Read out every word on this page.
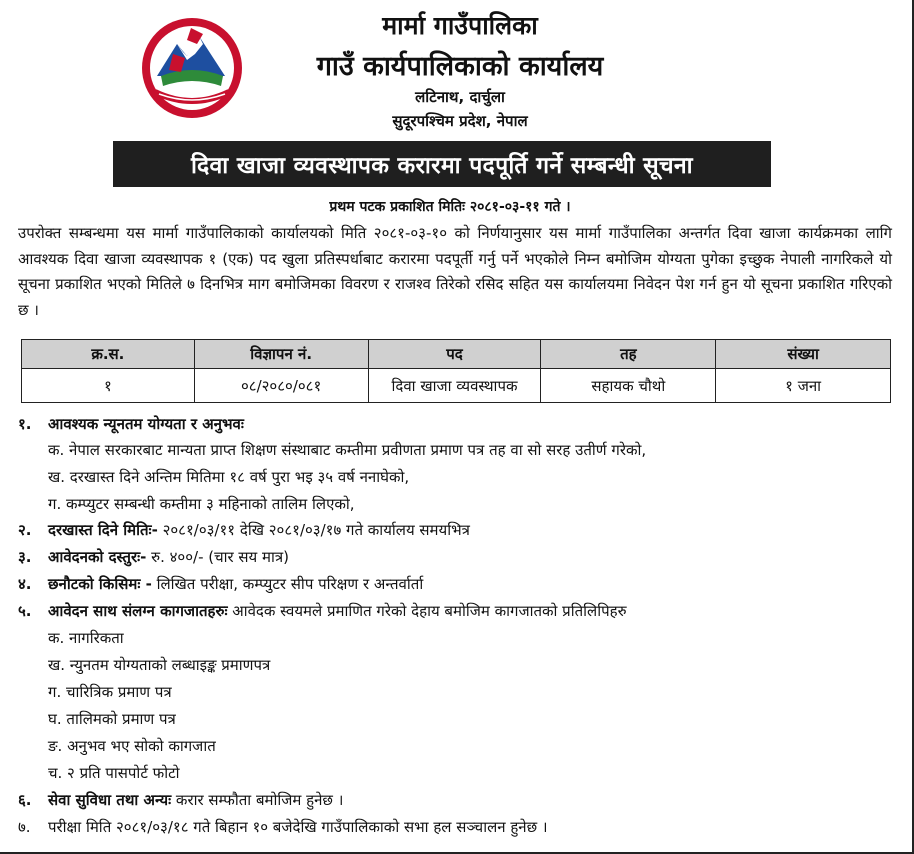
मार्मा गाउँपालिका
गाउँ कार्यपालिकाको कार्यालय
लटिनाथ, दार्चुला
सुदूरपश्चिम प्रदेश, नेपाल
दिवा खाजा व्यवस्थापक करारमा पदपूर्ति गर्ने सम्बन्धी सूचना
प्रथम पटक प्रकाशित मितिः २०८१-०३-११ गते ।

उपरोक्त सम्बन्धमा यस मार्मा गाउँपालिकाको कार्यालयको मिति २०८१-०३-१० को निर्णयानुसार यस मार्मा गाउँपालिका अन्तर्गत दिवा खाजा कार्यक्रमका लागि आवश्यक दिवा खाजा व्यवस्थापक १ (एक) पद खुला प्रतिस्पर्धाबाट करारमा पदपूर्ती गर्नु पर्ने भएकोले निम्न बमोजिम योग्यता पुगेका इच्छुक नेपाली नागरिकले यो सूचना प्रकाशित भएको मितिले ७ दिनभित्र माग बमोजिमका विवरण र राजश्व तिरेको रसिद सहित यस कार्यालयमा निवेदन पेश गर्न हुन यो सूचना प्रकाशित गरिएको छ ।

क्र.स.	विज्ञापन नं.	पद	तह	संख्या
१	०८/२०८०/०८१	दिवा खाजा व्यवस्थापक	सहायक चौथो	१ जना
१. आवश्यक न्यूनतम योग्यता र अनुभवः
क. नेपाल सरकारबाट मान्यता प्राप्त शिक्षण संस्थाबाट कम्तीमा प्रवीणता प्रमाण पत्र तह वा सो सरह उतीर्ण गरेको,
ख. दरखास्त दिने अन्तिम मितिमा १८ वर्ष पुरा भइ ३५ वर्ष ननाघेको,
ग. कम्प्युटर सम्बन्धी कम्तीमा ३ महिनाको तालिम लिएको,
२. दरखास्त दिने मितिः- २०८१/०३/११ देखि २०८१/०३/१७ गते कार्यालय समयभित्र
३. आवेदनको दस्तुरः- रु. ४००/- (चार सय मात्र)
४. छनौटको किसिमः - लिखित परीक्षा, कम्प्युटर सीप परिक्षण र अन्तर्वार्ता
५. आवेदन साथ संलग्न कागजातहरुः आवेदक स्वयमले प्रमाणित गरेको देहाय बमोजिम कागजातको प्रतिलिपिहरु
क. नागरिकता
ख. न्युनतम योग्यताको लब्धाइङ्क प्रमाणपत्र
ग. चारित्रिक प्रमाण पत्र
घ. तालिमको प्रमाण पत्र
ङ. अनुभव भए सोको कागजात
च. २ प्रति पासपोर्ट फोटो
६. सेवा सुविधा तथा अन्यः करार सम्फौता बमोजिम हुनेछ ।
७. परीक्षा मिति २०८१/०३/१८ गते बिहान १० बजेदेखि गाउँपालिकाको सभा हल सञ्चालन हुनेछ ।
